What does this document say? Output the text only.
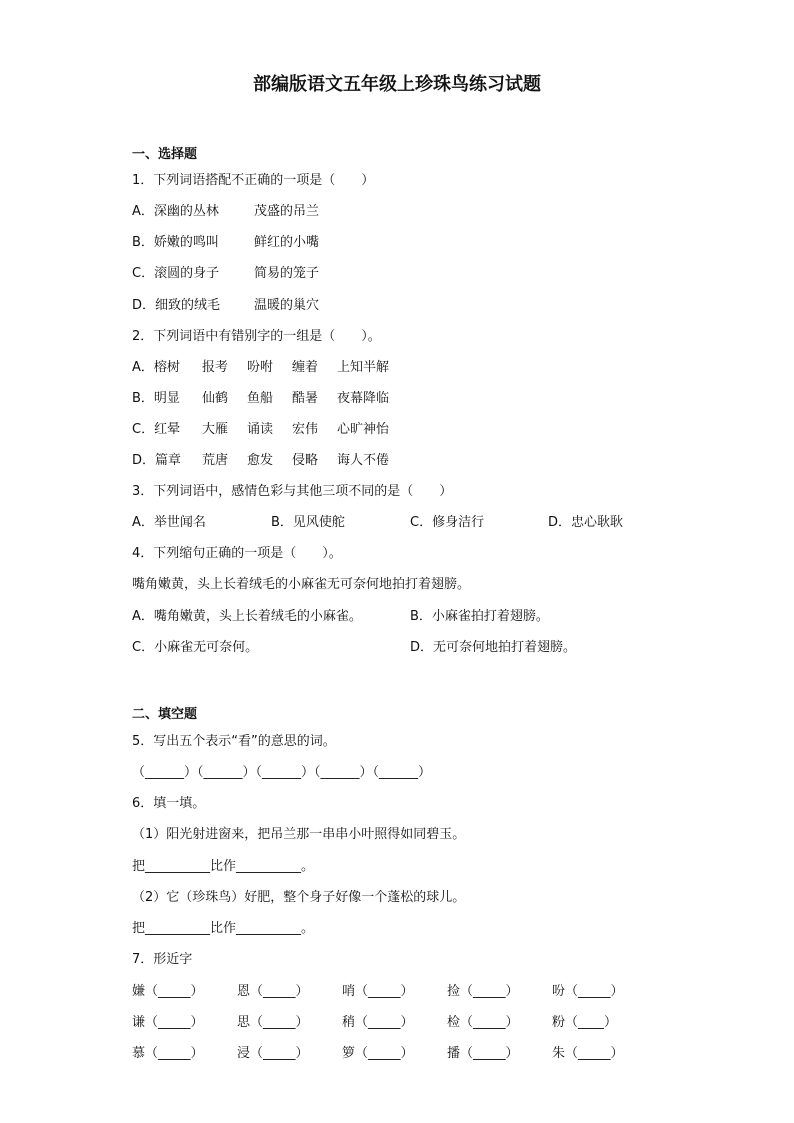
部编版语文五年级上珍珠鸟练习试题
一、选择题
1．下列词语搭配不正确的一项是（　　）
A．深幽的丛林	茂盛的吊兰
B．娇嫩的鸣叫	鲜红的小嘴
C．滚圆的身子	简易的笼子
D．细致的绒毛	温暖的巢穴
2．下列词语中有错别字的一组是（　　）。
A．榕树 报考 吩咐 缠着 上知半解
B．明显 仙鹤 鱼船 酷暑 夜幕降临
C．红晕 大雁 诵读 宏伟 心旷神怡
D．篇章 荒唐 愈发 侵略 诲人不倦
3．下列词语中，感情色彩与其他三项不同的是（　　）
A．举世闻名	B．见风使舵	C．修身洁行	D．忠心耿耿
4．下列缩句正确的一项是（　　）。
嘴角嫩黄，头上长着绒毛的小麻雀无可奈何地拍打着翅膀。
A．嘴角嫩黄，头上长着绒毛的小麻雀。	B．小麻雀拍打着翅膀。
C．小麻雀无可奈何。	D．无可奈何地拍打着翅膀。
二、填空题
5．写出五个表示“看”的意思的词。
（______）（______）（______）（______）（______）
6．填一填。
（1）阳光射进窗来，把吊兰那一串串小叶照得如同碧玉。
把__________比作__________。
（2）它（珍珠鸟）好肥，整个身子好像一个蓬松的球儿。
把__________比作__________。
7．形近字
嫌（_____）	恩（_____）	哨（_____）	捡（_____）	吩（_____）
谦（_____）	思（_____）	稍（_____）	检（_____）	粉（____）
慕（_____）	浸（_____）	箩（_____）	播（_____）	朱（_____）
